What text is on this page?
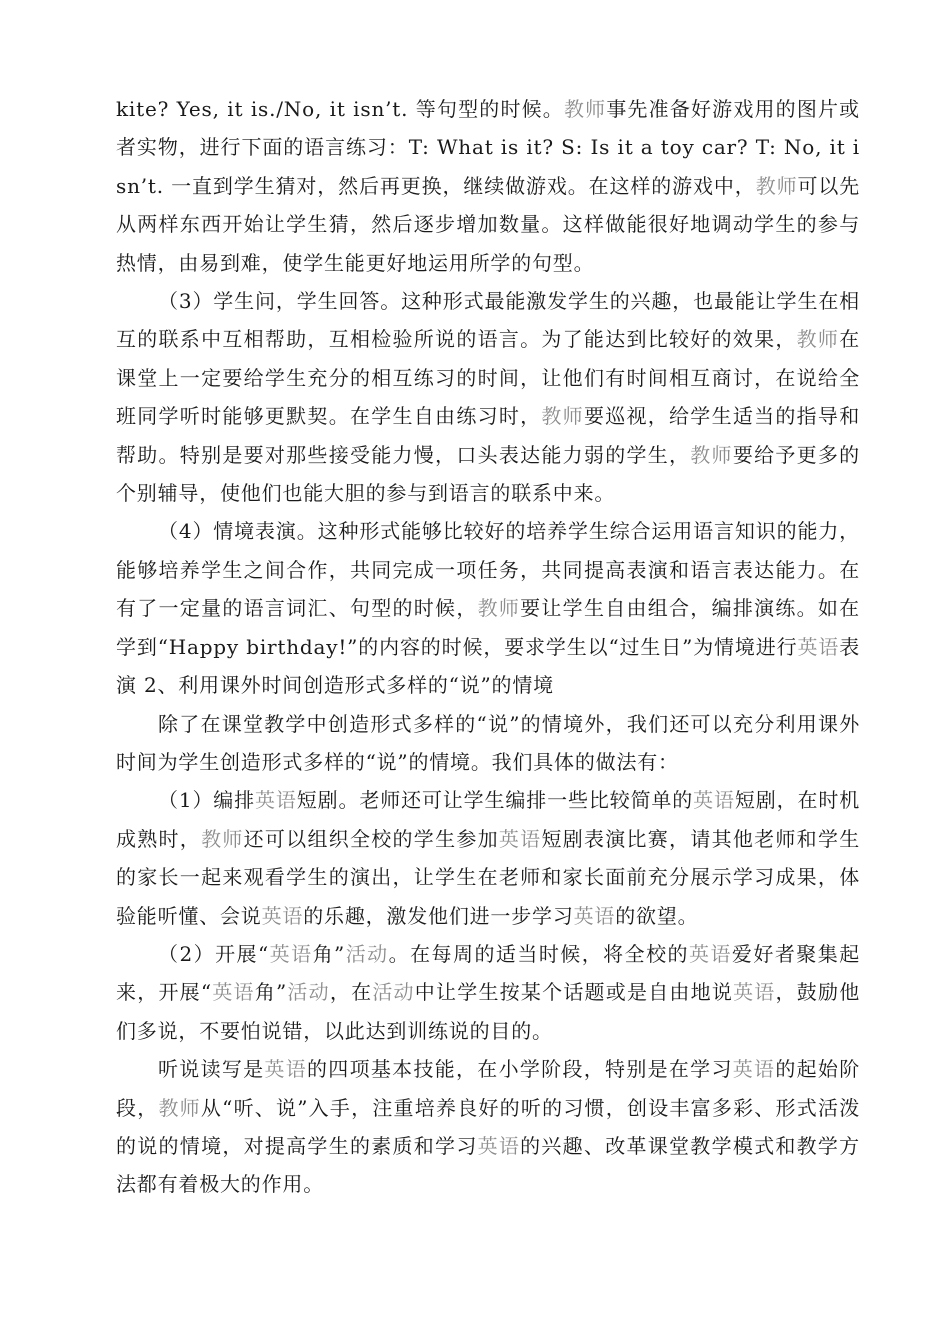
kite? Yes, it is./No, it isn’t. 等句型的时候。教师事先准备好游戏用的图片或者实物，进行下面的语言练习：T: What is it? S: Is it a toy car? T: No, it isn’t. 一直到学生猜对，然后再更换，继续做游戏。在这样的游戏中，教师可以先从两样东西开始让学生猜，然后逐步增加数量。这样做能很好地调动学生的参与热情，由易到难，使学生能更好地运用所学的句型。

（3）学生问，学生回答。这种形式最能激发学生的兴趣，也最能让学生在相互的联系中互相帮助，互相检验所说的语言。为了能达到比较好的效果，教师在课堂上一定要给学生充分的相互练习的时间，让他们有时间相互商讨，在说给全班同学听时能够更默契。在学生自由练习时，教师要巡视，给学生适当的指导和帮助。特别是要对那些接受能力慢，口头表达能力弱的学生，教师要给予更多的个别辅导，使他们也能大胆的参与到语言的联系中来。

（4）情境表演。这种形式能够比较好的培养学生综合运用语言知识的能力，能够培养学生之间合作，共同完成一项任务，共同提高表演和语言表达能力。在有了一定量的语言词汇、句型的时候，教师要让学生自由组合，编排演练。如在学到“Happy birthday!”的内容的时候，要求学生以“过生日”为情境进行英语表演 2、利用课外时间创造形式多样的“说”的情境

除了在课堂教学中创造形式多样的“说”的情境外，我们还可以充分利用课外时间为学生创造形式多样的“说”的情境。我们具体的做法有：

（1）编排英语短剧。老师还可让学生编排一些比较简单的英语短剧，在时机成熟时，教师还可以组织全校的学生参加英语短剧表演比赛，请其他老师和学生的家长一起来观看学生的演出，让学生在老师和家长面前充分展示学习成果，体验能听懂、会说英语的乐趣，激发他们进一步学习英语的欲望。

（2）开展“英语角”活动。在每周的适当时候，将全校的英语爱好者聚集起来，开展“英语角”活动，在活动中让学生按某个话题或是自由地说英语，鼓励他们多说，不要怕说错，以此达到训练说的目的。

听说读写是英语的四项基本技能，在小学阶段，特别是在学习英语的起始阶段，教师从“听、说”入手，注重培养良好的听的习惯，创设丰富多彩、形式活泼的说的情境，对提高学生的素质和学习英语的兴趣、改革课堂教学模式和教学方法都有着极大的作用。
